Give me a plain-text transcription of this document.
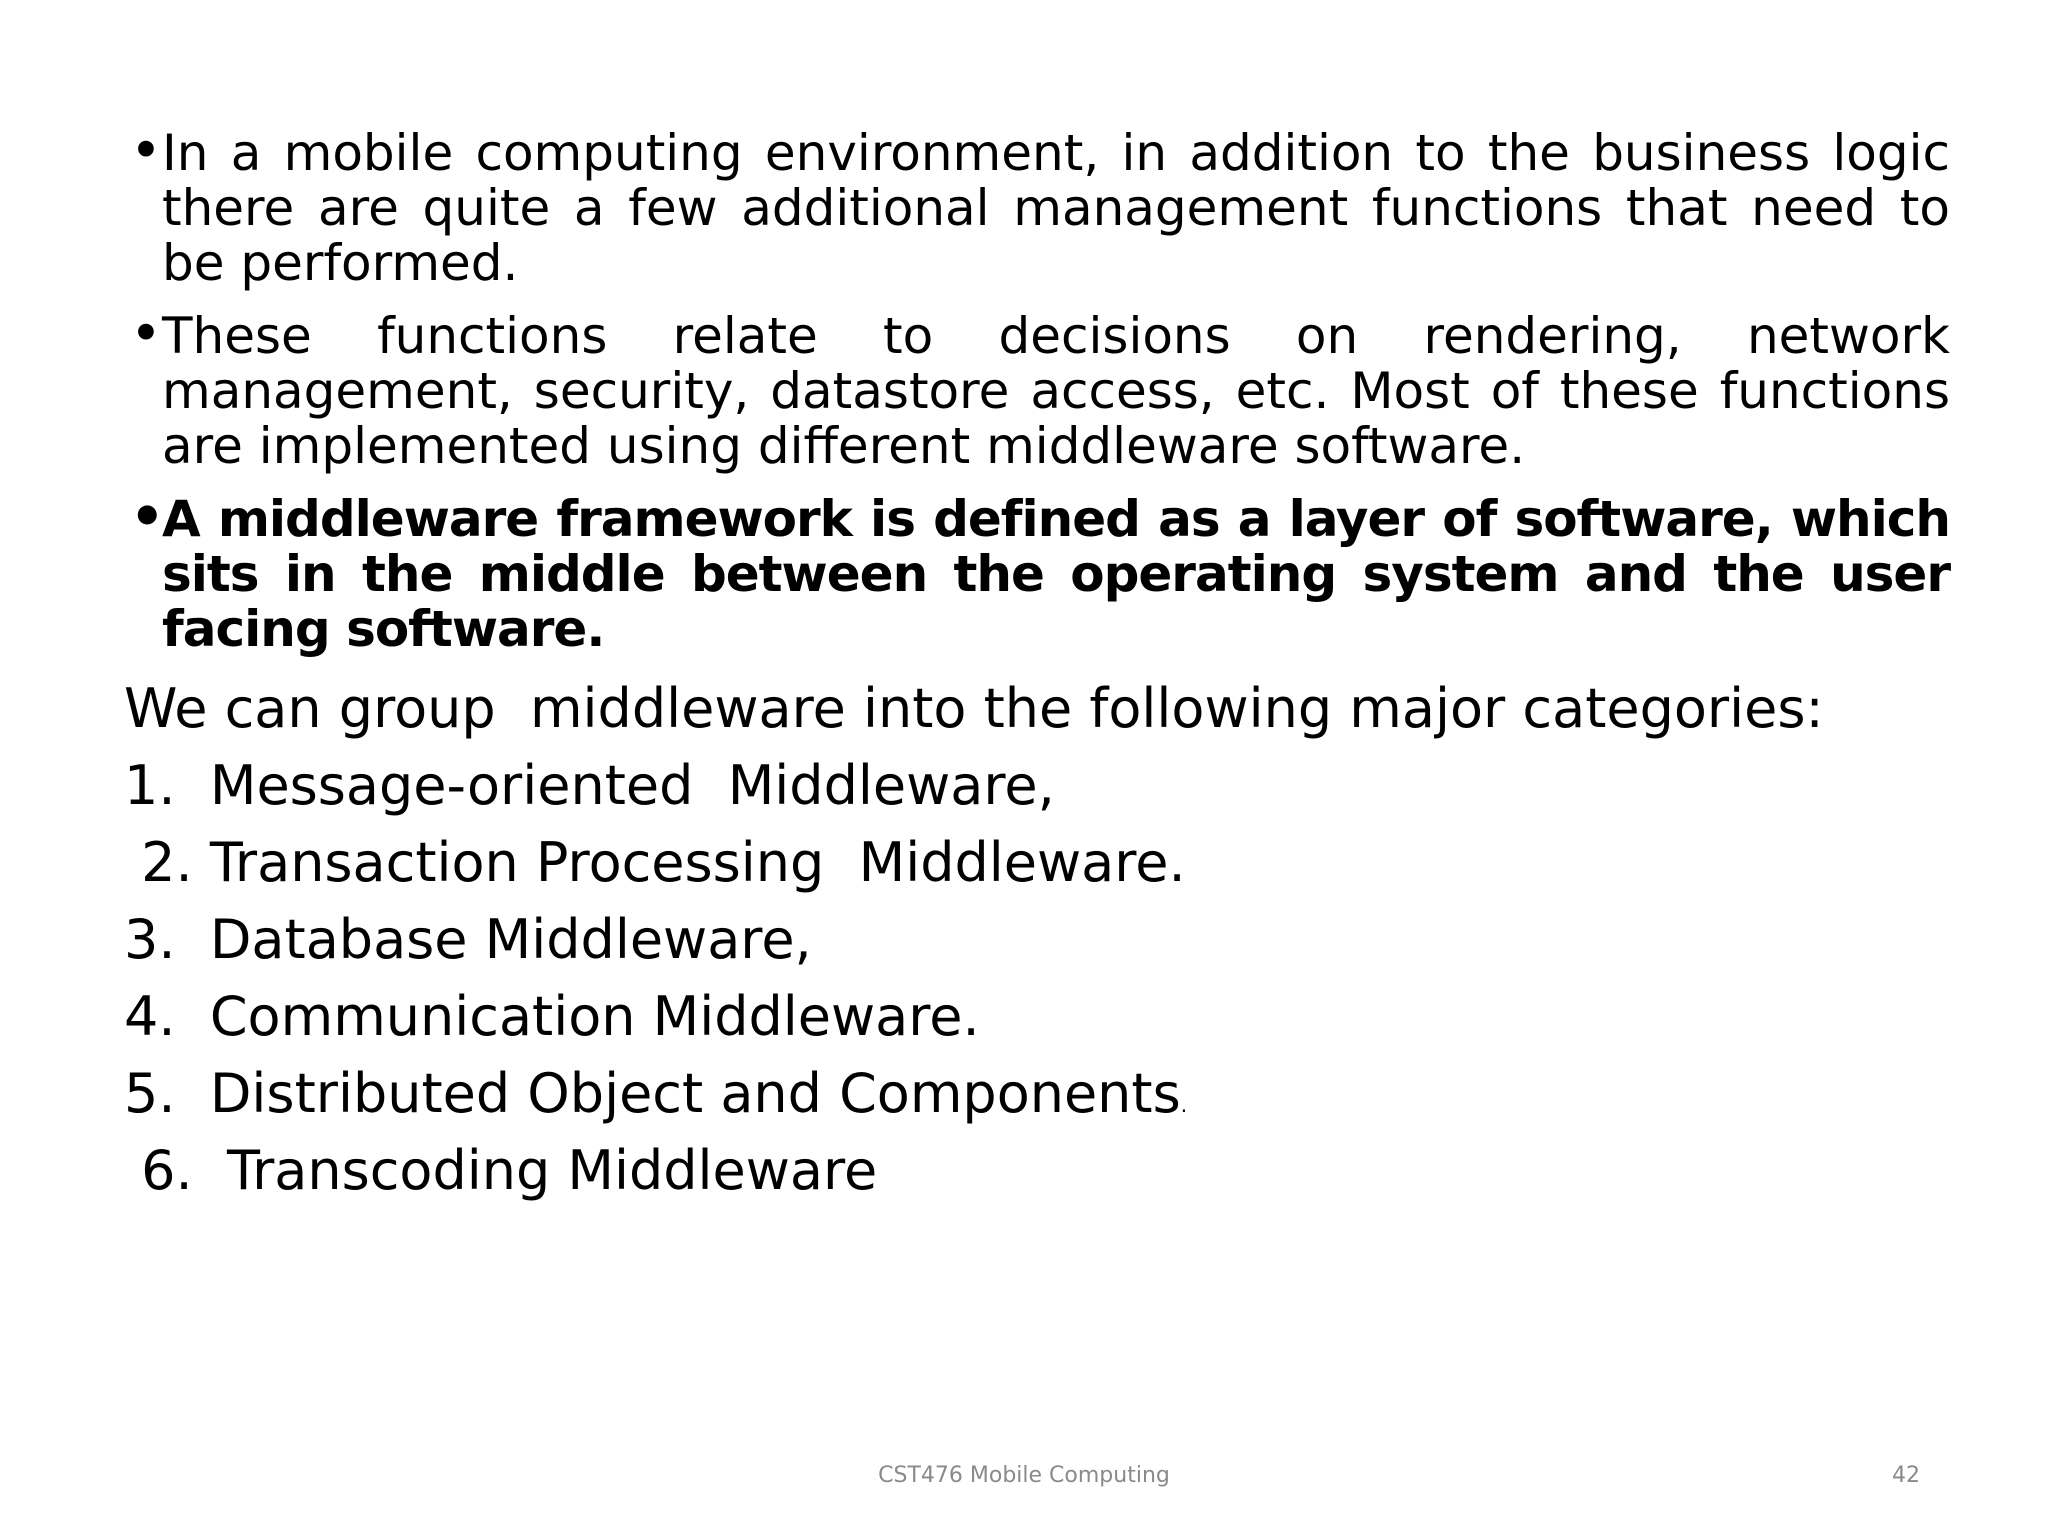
• In a mobile computing environment, in addition to the business logic there are quite a few additional management functions that need to be performed.
• These functions relate to decisions on rendering, network management, security, datastore access, etc. Most of these functions are implemented using different middleware software.
•
A middleware framework is defined as a layer of software, which sits in the middle between the operating system and the user facing software.
We can group  middleware into the following major categories:
1.  Message-oriented  Middleware,
2. Transaction Processing  Middleware.
3.  Database Middleware,
4.  Communication Middleware.
5.  Distributed Object and Components.
6.  Transcoding Middleware
CST476 Mobile Computing	42
